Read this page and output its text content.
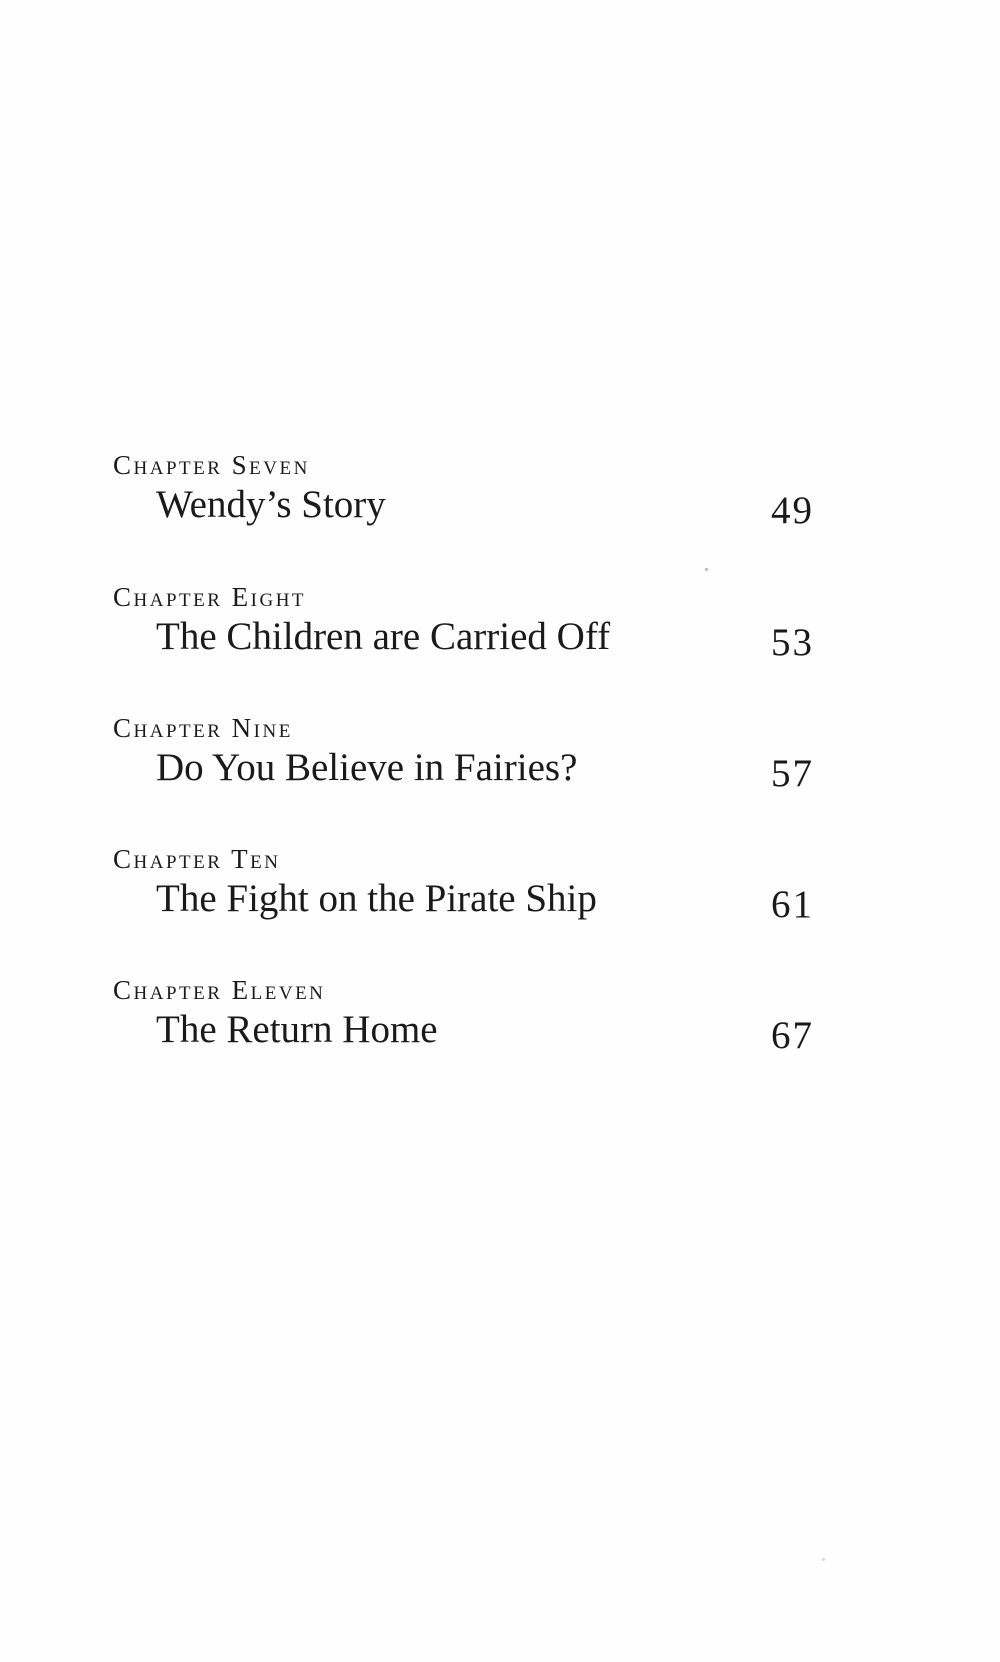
Chapter Seven
Wendy’s Story	49
Chapter Eight
The Children are Carried Off	53
Chapter Nine
Do You Believe in Fairies?	57
Chapter Ten
The Fight on the Pirate Ship	61
Chapter Eleven
The Return Home	67
